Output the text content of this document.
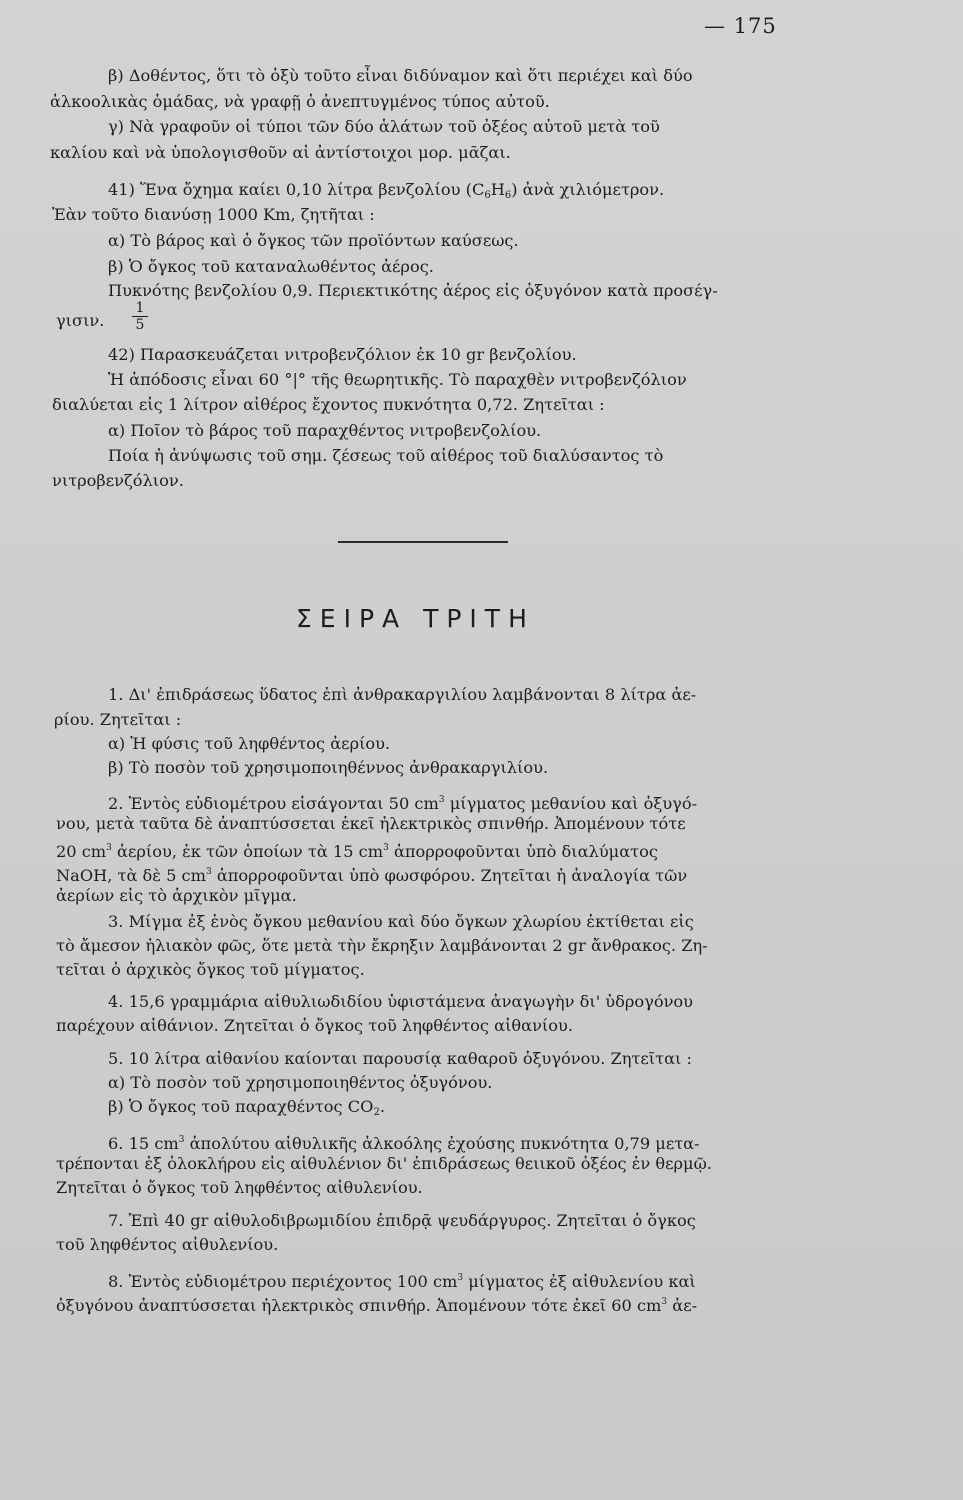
— 175
β) Δοθέντος, ὅτι τὸ ὀξὺ τοῦτο εἶναι διδύναμον καὶ ὅτι περιέχει καὶ δύο
ἀλκοολικὰς ὁμάδας, νὰ γραφῇ ὁ ἀνεπτυγμένος τύπος αὐτοῦ.
γ) Νὰ γραφοῦν οἱ τύποι τῶν δύο ἁλάτων τοῦ ὀξέος αὐτοῦ μετὰ τοῦ
καλίου καὶ νὰ ὑπολογισθοῦν αἱ ἀντίστοιχοι μορ. μᾶζαι.
41) Ἕνα ὄχημα καίει 0,10 λίτρα βενζολίου $(C_6H_6)$ ἀνὰ χιλιόμετρον.
Ἐὰν τοῦτο διανύσῃ 1000 Km, ζητῆται :
α) Τὸ βάρος καὶ ὁ ὄγκος τῶν προϊόντων καύσεως.
β) Ὁ ὄγκος τοῦ καταναλωθέντος ἀέρος.
Πυκνότης βενζολίου 0,9. Περιεκτικότης ἀέρος εἰς ὀξυγόνον κατὰ προσέγ-
γισιν. $\frac{1}{5}$
42) Παρασκευάζεται νιτροβενζόλιον ἐκ 10 gr βενζολίου.
Ἡ ἀπόδοσις εἶναι 60 °|° τῆς θεωρητικῆς. Τὸ παραχθὲν νιτροβενζόλιον
διαλύεται εἰς 1 λίτρον αἰθέρος ἔχοντος πυκνότητα 0,72. Ζητεῖται :
α) Ποῖον τὸ βάρος τοῦ παραχθέντος νιτροβενζολίου.
Ποία ἡ ἀνύψωσις τοῦ σημ. ζέσεως τοῦ αἰθέρος τοῦ διαλύσαντος τὸ
νιτροβενζόλιον.
ΣΕΙΡΑ ΤΡΙΤΗ
1. Δι' ἐπιδράσεως ὕδατος ἐπὶ ἀνθρακαργιλίου λαμβάνονται 8 λίτρα ἀε-
ρίου. Ζητεῖται :
α) Ἡ φύσις τοῦ ληφθέντος ἀερίου.
β) Τὸ ποσὸν τοῦ χρησιμοποιηθέννος ἀνθρακαργιλίου.
2. Ἐντὸς εὐδιομέτρου εἰσάγονται 50 $cm^3$ μίγματος μεθανίου καὶ ὀξυγό-
νου, μετὰ ταῦτα δὲ ἀναπτύσσεται ἐκεῖ ἠλεκτρικὸς σπινθήρ. Ἀπομένουν τότε
20 $cm^3$ ἀερίου, ἐκ τῶν ὁποίων τὰ 15 $cm^3$ ἀπορροφοῦνται ὑπὸ διαλύματος
NaOH, τὰ δὲ 5 $cm^3$ ἀπορροφοῦνται ὑπὸ φωσφόρου. Ζητεῖται ἡ ἀναλογία τῶν
ἀερίων εἰς τὸ ἀρχικὸν μῖγμα.
3. Μίγμα ἐξ ἑνὸς ὄγκου μεθανίου καὶ δύο ὄγκων χλωρίου ἐκτίθεται εἰς
τὸ ἄμεσον ἡλιακὸν φῶς, ὅτε μετὰ τὴν ἔκρηξιν λαμβάνονται 2 gr ἄνθρακος. Ζη-
τεῖται ὁ ἀρχικὸς ὄγκος τοῦ μίγματος.
4. 15,6 γραμμάρια αἰθυλιωδιδίου ὑφιστάμενα ἀναγωγὴν δι' ὑδρογόνου
παρέχουν αἰθάνιον. Ζητεῖται ὁ ὄγκος τοῦ ληφθέντος αἰθανίου.
5. 10 λίτρα αἰθανίου καίονται παρουσίᾳ καθαροῦ ὀξυγόνου. Ζητεῖται :
α) Τὸ ποσὸν τοῦ χρησιμοποιηθέντος ὀξυγόνου.
β) Ὁ ὄγκος τοῦ παραχθέντος $CO_2$.
6. 15 $cm^3$ ἀπολύτου αἰθυλικῆς ἀλκοόλης ἐχούσης πυκνότητα 0,79 μετα-
τρέπονται ἐξ ὁλοκλήρου εἰς αἰθυλένιον δι' ἐπιδράσεως θειικοῦ ὀξέος ἐν θερμῷ.
Ζητεῖται ὁ ὄγκος τοῦ ληφθέντος αἰθυλενίου.
7. Ἐπὶ 40 gr αἰθυλοδιβρωμιδίου ἐπιδρᾷ ψευδάργυρος. Ζητεῖται ὁ ὄγκος
τοῦ ληφθέντος αἰθυλενίου.
8. Ἐντὸς εὐδιομέτρου περιέχοντος 100 $cm^3$ μίγματος ἐξ αἰθυλενίου καὶ
ὀξυγόνου ἀναπτύσσεται ἠλεκτρικὸς σπινθήρ. Ἀπομένουν τότε ἐκεῖ 60 $cm^3$ ἀε-
